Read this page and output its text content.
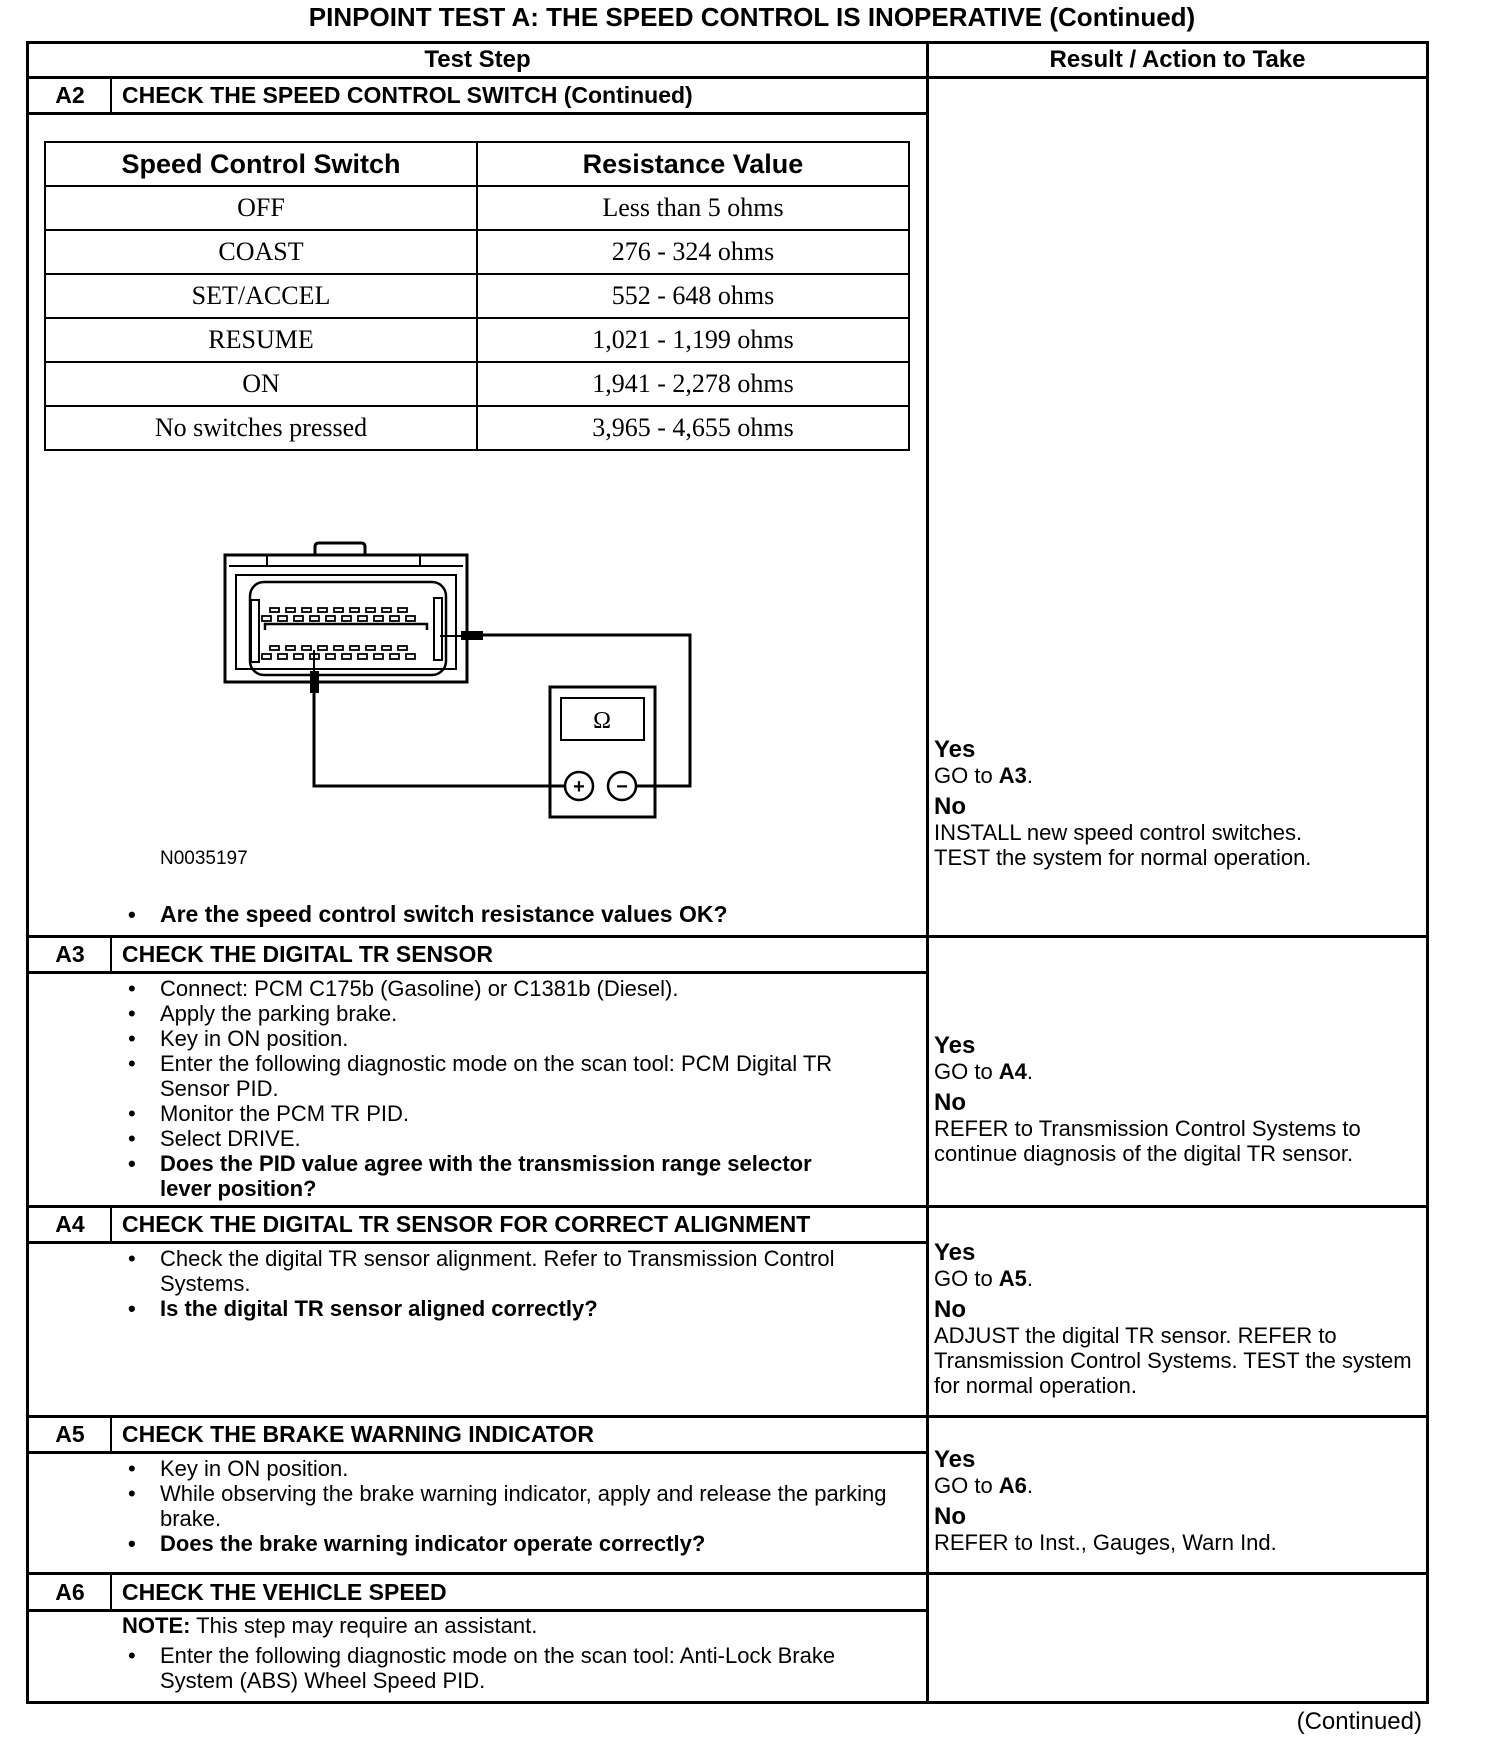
PINPOINT TEST A: THE SPEED CONTROL IS INOPERATIVE (Continued)
Test Step	Result / Action to Take
A2	CHECK THE SPEED CONTROL SWITCH (Continued)
Speed Control Switch	Resistance Value
OFF	Less than 5 ohms
COAST	276 - 324 ohms
SET/ACCEL	552 - 648 ohms
RESUME	1,021 - 1,199 ohms
ON	1,941 - 2,278 ohms
No switches pressed	3,965 - 4,655 ohms
Ω
+ −
N0035197
• Are the speed control switch resistance values OK?
Yes
GO to A3.
No
INSTALL new speed control switches.
TEST the system for normal operation.
A3	CHECK THE DIGITAL TR SENSOR
• Connect: PCM C175b (Gasoline) or C1381b (Diesel).
• Apply the parking brake.
• Key in ON position.
• Enter the following diagnostic mode on the scan tool: PCM Digital TR Sensor PID.
• Monitor the PCM TR PID.
• Select DRIVE.
• Does the PID value agree with the transmission range selector lever position?
Yes
GO to A4.
No
REFER to Transmission Control Systems to continue diagnosis of the digital TR sensor.
A4	CHECK THE DIGITAL TR SENSOR FOR CORRECT ALIGNMENT
• Check the digital TR sensor alignment. Refer to Transmission Control Systems.
• Is the digital TR sensor aligned correctly?
Yes
GO to A5.
No
ADJUST the digital TR sensor. REFER to Transmission Control Systems. TEST the system for normal operation.
A5	CHECK THE BRAKE WARNING INDICATOR
• Key in ON position.
• While observing the brake warning indicator, apply and release the parking brake.
• Does the brake warning indicator operate correctly?
Yes
GO to A6.
No
REFER to Inst., Gauges, Warn Ind.
A6	CHECK THE VEHICLE SPEED
NOTE: This step may require an assistant.
• Enter the following diagnostic mode on the scan tool: Anti-Lock Brake System (ABS) Wheel Speed PID.
(Continued)
